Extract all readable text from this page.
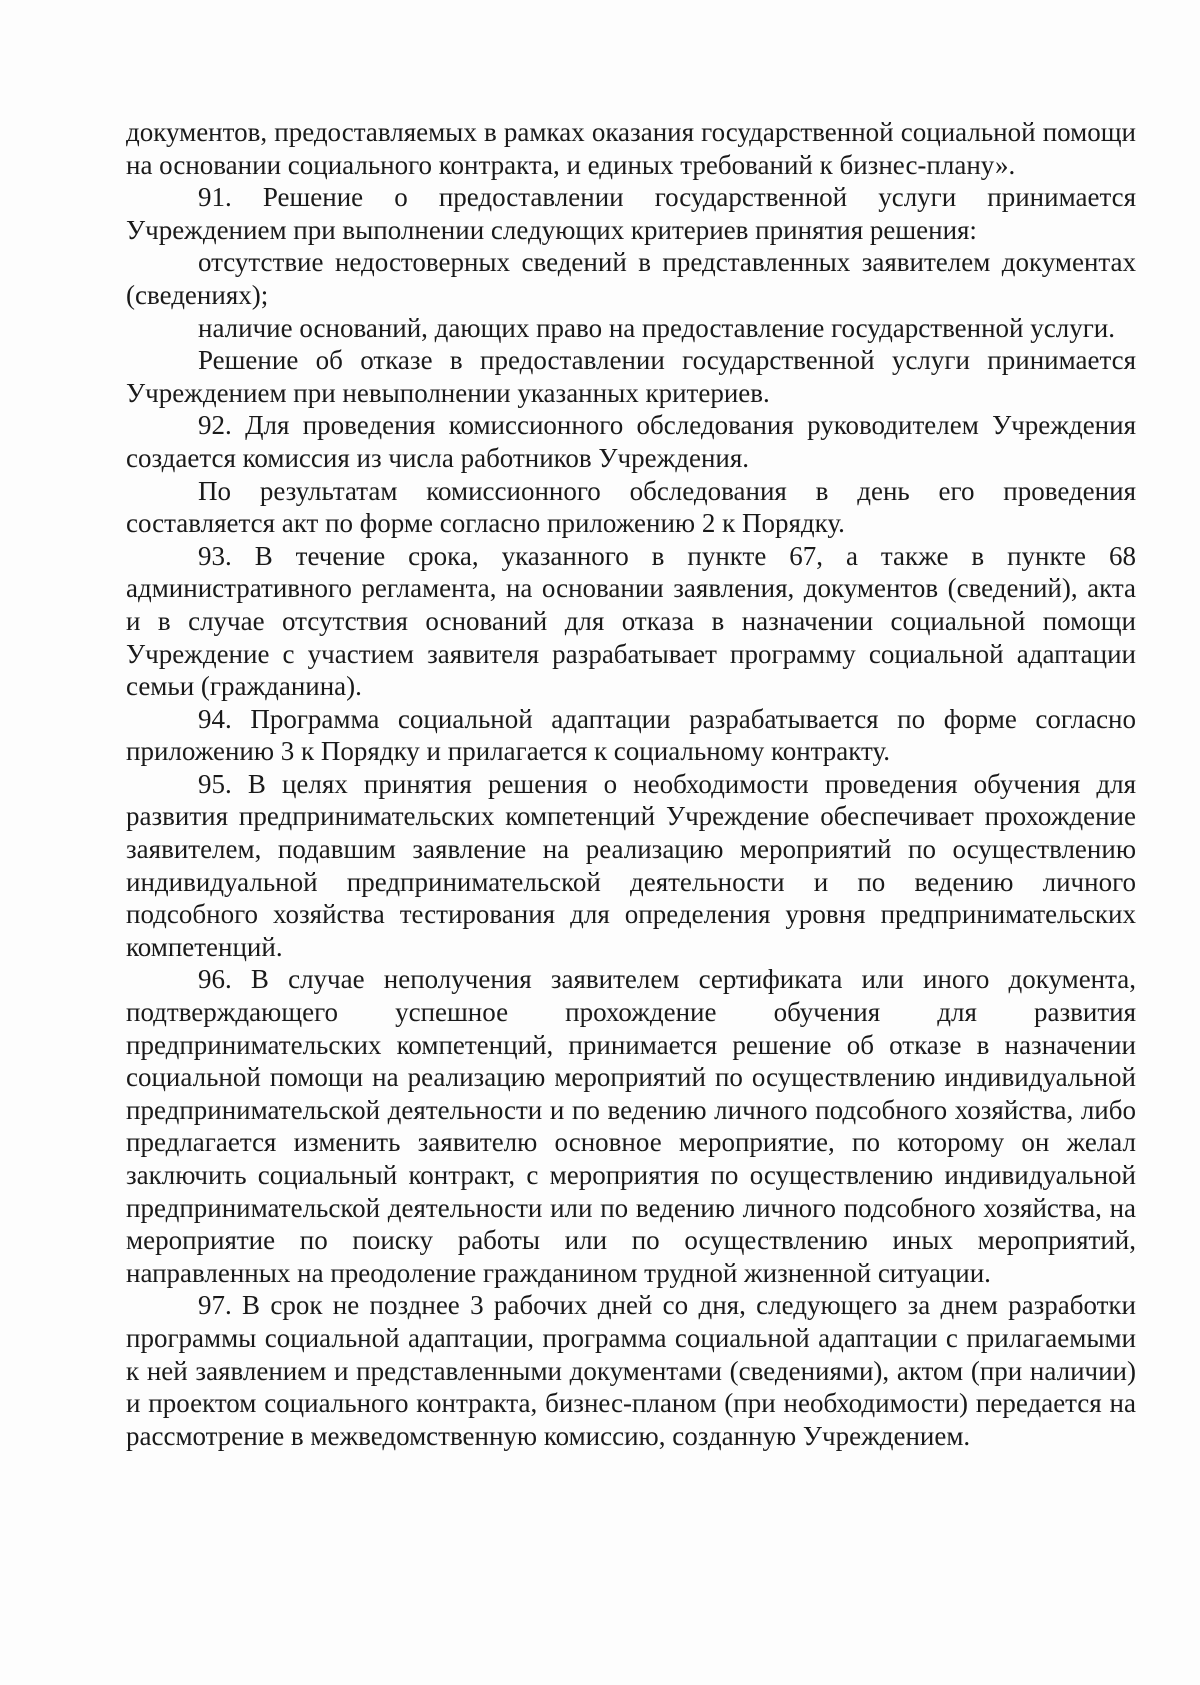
документов, предоставляемых в рамках оказания государственной социальной помощи на основании социального контракта, и единых требований к бизнес-плану».

91. Решение о предоставлении государственной услуги принимается Учреждением при выполнении следующих критериев принятия решения:

отсутствие недостоверных сведений в представленных заявителем документах (сведениях);

наличие оснований, дающих право на предоставление государственной услуги.

Решение об отказе в предоставлении государственной услуги принимается Учреждением при невыполнении указанных критериев.

92. Для проведения комиссионного обследования руководителем Учреждения создается комиссия из числа работников Учреждения.

По результатам комиссионного обследования в день его проведения составляется акт по форме согласно приложению 2 к Порядку.

93. В течение срока, указанного в пункте 67, а также в пункте 68 административного регламента, на основании заявления, документов (сведений), акта и в случае отсутствия оснований для отказа в назначении социальной помощи Учреждение с участием заявителя разрабатывает программу социальной адаптации семьи (гражданина).

94. Программа социальной адаптации разрабатывается по форме согласно приложению 3 к Порядку и прилагается к социальному контракту.

95. В целях принятия решения о необходимости проведения обучения для развития предпринимательских компетенций Учреждение обеспечивает прохождение заявителем, подавшим заявление на реализацию мероприятий по осуществлению индивидуальной предпринимательской деятельности и по ведению личного подсобного хозяйства тестирования для определения уровня предпринимательских компетенций.

96. В случае неполучения заявителем сертификата или иного документа, подтверждающего успешное прохождение обучения для развития предпринимательских компетенций, принимается решение об отказе в назначении социальной помощи на реализацию мероприятий по осуществлению индивидуальной предпринимательской деятельности и по ведению личного подсобного хозяйства, либо предлагается изменить заявителю основное мероприятие, по которому он желал заключить социальный контракт, с мероприятия по осуществлению индивидуальной предпринимательской деятельности или по ведению личного подсобного хозяйства, на мероприятие по поиску работы или по осуществлению иных мероприятий, направленных на преодоление гражданином трудной жизненной ситуации.

97. В срок не позднее 3 рабочих дней со дня, следующего за днем разработки программы социальной адаптации, программа социальной адаптации с прилагаемыми к ней заявлением и представленными документами (сведениями), актом (при наличии) и проектом социального контракта, бизнес-планом (при необходимости) передается на рассмотрение в межведомственную комиссию, созданную Учреждением.
